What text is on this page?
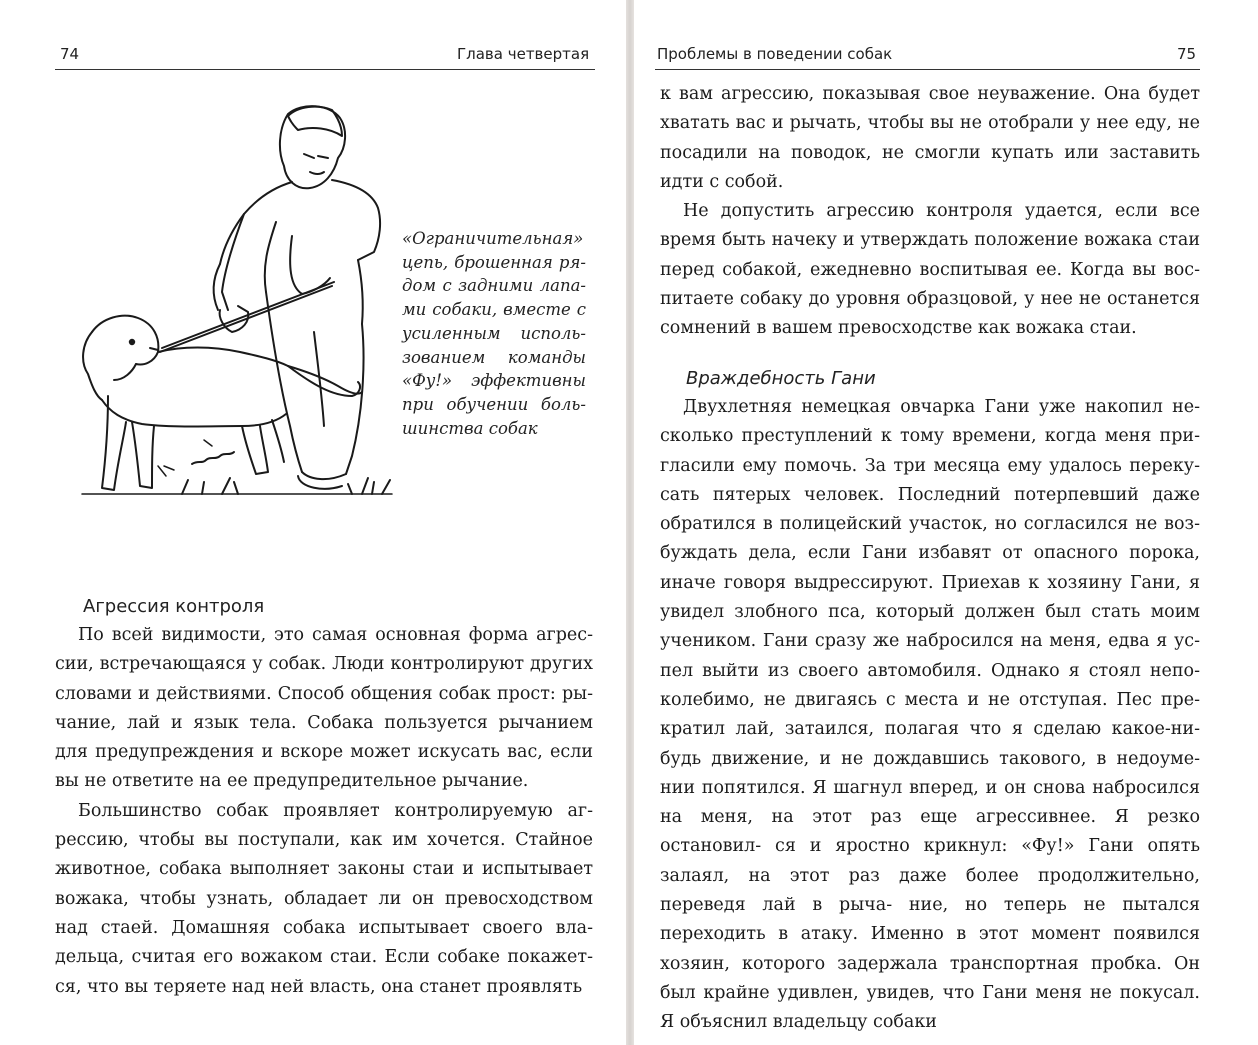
74	Глава четвертая
«Ограничительная» цепь, брошенная ря- дом с задними лапа- ми собаки, вместе с усиленным исполь- зованием команды «Фу!» эффективны при обучении боль- шинства собак
Агрессия контроля

По всей видимости, это самая основная форма агрес- сии, встречающаяся у собак. Люди контролируют других словами и действиями. Способ общения собак прост: ры- чание, лай и язык тела. Собака пользуется рычанием для предупреждения и вскоре может искусать вас, если вы не ответите на ее предупредительное рычание.

Большинство собак проявляет контролируемую аг- рессию, чтобы вы поступали, как им хочется. Стайное животное, собака выполняет законы стаи и испытывает вожака, чтобы узнать, обладает ли он превосходством над стаей. Домашняя собака испытывает своего вла- дельца, считая его вожаком стаи. Если собаке покажет- ся, что вы теряете над ней власть, она станет проявлять

Проблемы в поведении собак	75

к вам агрессию, показывая свое неуважение. Она будет хватать вас и рычать, чтобы вы не отобрали у нее еду, не посадили на поводок, не смогли купать или заставить идти с собой.

Не допустить агрессию контроля удается, если все время быть начеку и утверждать положение вожака стаи перед собакой, ежедневно воспитывая ее. Когда вы вос- питаете собаку до уровня образцовой, у нее не останется сомнений в вашем превосходстве как вожака стаи.

Враждебность Гани

Двухлетняя немецкая овчарка Гани уже накопил не- сколько преступлений к тому времени, когда меня при- гласили ему помочь. За три месяца ему удалось переку- сать пятерых человек. Последний потерпевший даже обратился в полицейский участок, но согласился не воз- буждать дела, если Гани избавят от опасного порока, иначе говоря выдрессируют. Приехав к хозяину Гани, я увидел злобного пса, который должен был стать моим учеником. Гани сразу же набросился на меня, едва я ус- пел выйти из своего автомобиля. Однако я стоял непо- колебимо, не двигаясь с места и не отступая. Пес пре- кратил лай, затаился, полагая что я сделаю какое-ни- будь движение, и не дождавшись такового, в недоуме- нии попятился. Я шагнул вперед, и он снова набросился на меня, на этот раз еще агрессивнее. Я резко остановил- ся и яростно крикнул: «Фу!» Гани опять залаял, на этот раз даже более продолжительно, переведя лай в рыча- ние, но теперь не пытался переходить в атаку. Именно в этот момент появился хозяин, которого задержала транспортная пробка. Он был крайне удивлен, увидев, что Гани меня не покусал. Я объяснил владельцу собаки
